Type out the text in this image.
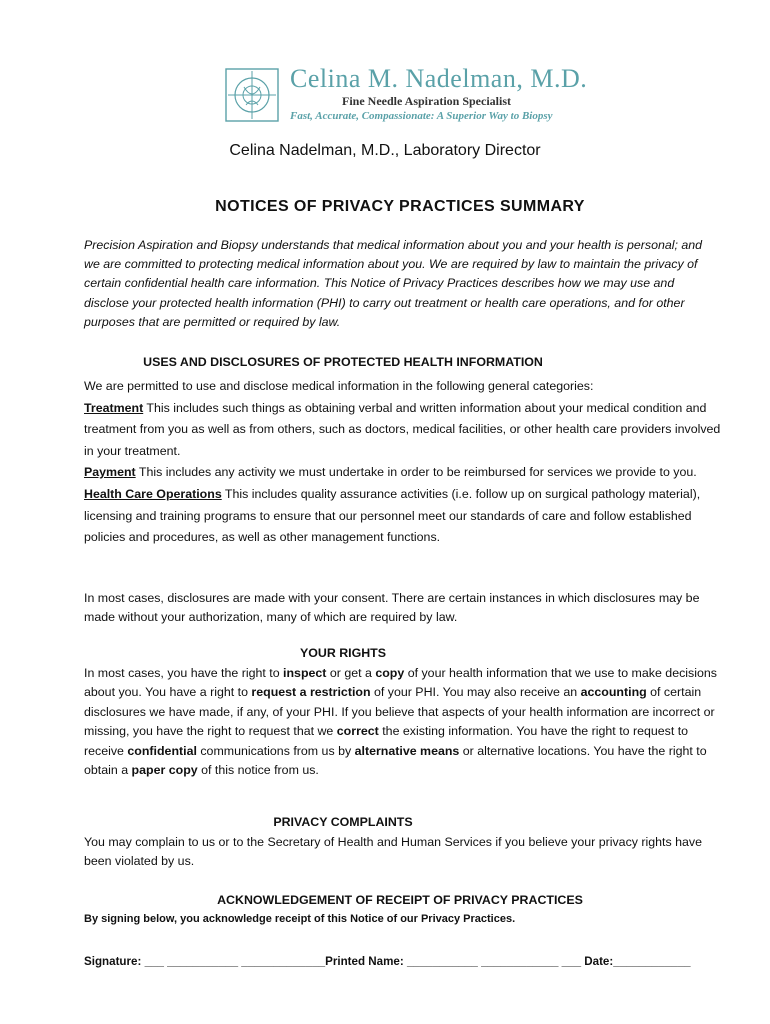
Celina M. Nadelman, M.D.
Fine Needle Aspiration Specialist
Fast, Accurate, Compassionate: A Superior Way to Biopsy
Celina Nadelman, M.D., Laboratory Director
NOTICES OF PRIVACY PRACTICES SUMMARY
Precision Aspiration and Biopsy understands that medical information about you and your health is personal; and we are committed to protecting medical information about you. We are required by law to maintain the privacy of certain confidential health care information. This Notice of Privacy Practices describes how we may use and disclose your protected health information (PHI) to carry out treatment or health care operations, and for other purposes that are permitted or required by law.
USES AND DISCLOSURES OF PROTECTED HEALTH INFORMATION

We are permitted to use and disclose medical information in the following general categories:

Treatment This includes such things as obtaining verbal and written information about your medical condition and treatment from you as well as from others, such as doctors, medical facilities, or other health care providers involved in your treatment.

Payment This includes any activity we must undertake in order to be reimbursed for services we provide to you.

Health Care Operations This includes quality assurance activities (i.e. follow up on surgical pathology material), licensing and training programs to ensure that our personnel meet our standards of care and follow established policies and procedures, as well as other management functions.

In most cases, disclosures are made with your consent. There are certain instances in which disclosures may be made without your authorization, many of which are required by law.
YOUR RIGHTS
In most cases, you have the right to inspect or get a copy of your health information that we use to make decisions about you. You have a right to request a restriction of your PHI. You may also receive an accounting of certain disclosures we have made, if any, of your PHI. If you believe that aspects of your health information are incorrect or missing, you have the right to request that we correct the existing information. You have the right to request to receive confidential communications from us by alternative means or alternative locations. You have the right to obtain a paper copy of this notice from us.
PRIVACY COMPLAINTS
You may complain to us or to the Secretary of Health and Human Services if you believe your privacy rights have been violated by us.
ACKNOWLEDGEMENT OF RECEIPT OF PRIVACY PRACTICES
By signing below, you acknowledge receipt of this Notice of our Privacy Practices.
Signature: ___ ___________ _____________Printed Name: ___________ ____________ ___ Date:____________
